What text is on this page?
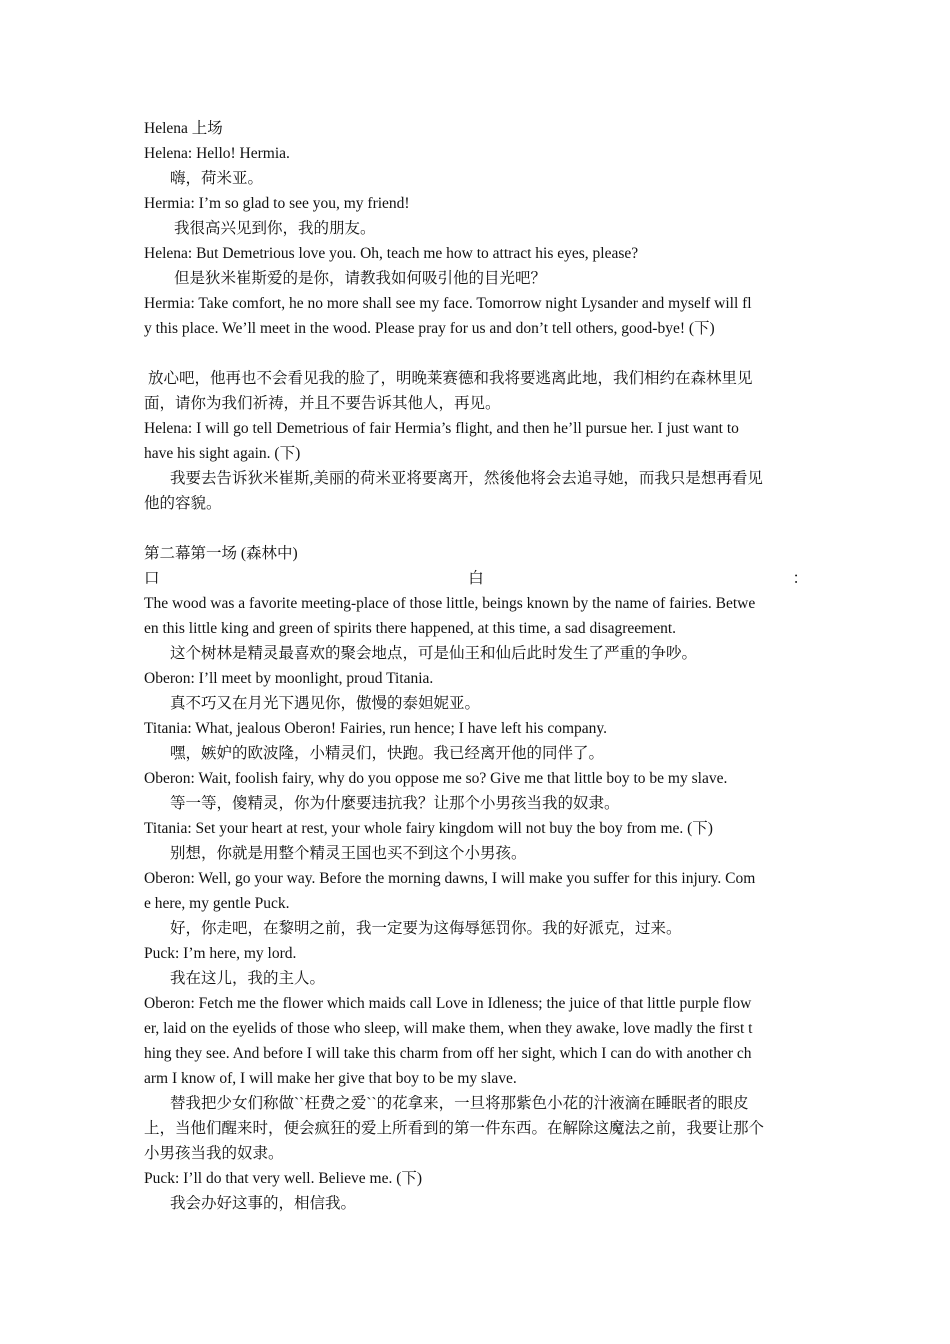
Helena 上场

Helena: Hello! Hermia.

嗨，荷米亚。

Hermia: I’m so glad to see you, my friend!

我很高兴见到你，我的朋友。

Helena: But Demetrious love you. Oh, teach me how to attract his eyes, please?

但是狄米崔斯爱的是你，请教我如何吸引他的目光吧？

Hermia: Take comfort, he no more shall see my face. Tomorrow night Lysander and myself will fl

y this place. We’ll meet in the wood. Please pray for us and don’t tell others, good-bye! (下)

放心吧，他再也不会看见我的脸了，明晚莱赛德和我将要逃离此地，我们相约在森林里见

面，请你为我们祈祷，并且不要告诉其他人，再见。

Helena: I will go tell Demetrious of fair Hermia’s flight, and then he’ll pursue her. I just want to

have his sight again. (下)

我要去告诉狄米崔斯,美丽的荷米亚将要离开，然後他将会去追寻她，而我只是想再看见

他的容貌。

第二幕第一场 (森林中)

口	白	：

The wood was a favorite meeting-place of those little, beings known by the name of fairies. Betwe

en this little king and green of spirits there happened, at this time, a sad disagreement.

这个树林是精灵最喜欢的聚会地点，可是仙王和仙后此时发生了严重的争吵。

Oberon: I’ll meet by moonlight, proud Titania.

真不巧又在月光下遇见你，傲慢的泰妲妮亚。

Titania: What, jealous Oberon! Fairies, run hence; I have left his company.

嘿，嫉妒的欧波隆，小精灵们，快跑。我已经离开他的同伴了。

Oberon: Wait, foolish fairy, why do you oppose me so? Give me that little boy to be my slave.

等一等，傻精灵，你为什麼要违抗我？让那个小男孩当我的奴隶。

Titania: Set your heart at rest, your whole fairy kingdom will not buy the boy from me. (下)

别想，你就是用整个精灵王国也买不到这个小男孩。

Oberon: Well, go your way. Before the morning dawns, I will make you suffer for this injury. Com

e here, my gentle Puck.

好，你走吧，在黎明之前，我一定要为这侮辱惩罚你。我的好派克，过来。

Puck: I’m here, my lord.

我在这儿，我的主人。

Oberon: Fetch me the flower which maids call Love in Idleness; the juice of that little purple flow

er, laid on the eyelids of those who sleep, will make them, when they awake, love madly the first t

hing they see. And before I will take this charm from off her sight, which I can do with another ch

arm I know of, I will make her give that boy to be my slave.

替我把少女们称做``枉费之爱``的花拿来，一旦将那紫色小花的汁液滴在睡眠者的眼皮

上，当他们醒来时，便会疯狂的爱上所看到的第一件东西。在解除这魔法之前，我要让那个

小男孩当我的奴隶。

Puck: I’ll do that very well. Believe me. (下)

我会办好这事的，相信我。
